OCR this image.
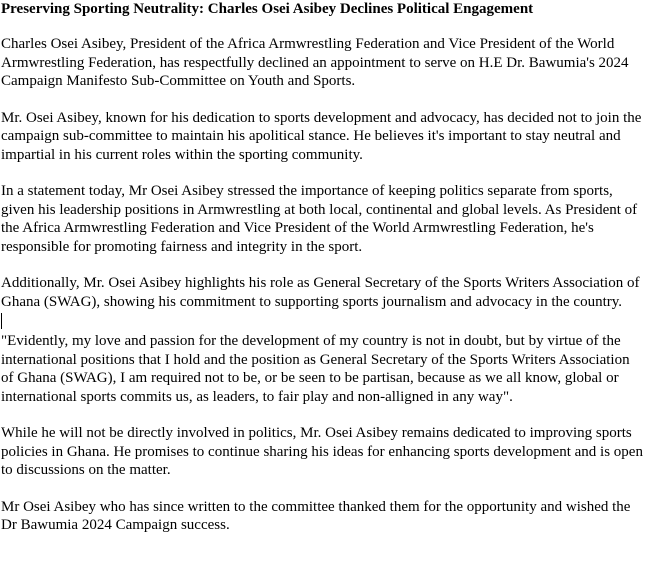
Preserving Sporting Neutrality: Charles Osei Asibey Declines Political Engagement

Charles Osei Asibey, President of the Africa Armwrestling Federation and Vice President of the World Armwrestling Federation, has respectfully declined an appointment to serve on H.E Dr. Bawumia's 2024 Campaign Manifesto Sub-Committee on Youth and Sports.

Mr. Osei Asibey, known for his dedication to sports development and advocacy, has decided not to join the campaign sub-committee to maintain his apolitical stance. He believes it's important to stay neutral and impartial in his current roles within the sporting community.

In a statement today, Mr Osei Asibey stressed the importance of keeping politics separate from sports, given his leadership positions in Armwrestling at both local, continental and global levels. As President of the Africa Armwrestling Federation and Vice President of the World Armwrestling Federation, he's responsible for promoting fairness and integrity in the sport.

Additionally, Mr. Osei Asibey highlights his role as General Secretary of the Sports Writers Association of Ghana (SWAG), showing his commitment to supporting sports journalism and advocacy in the country.

"Evidently, my love and passion for the development of my country is not in doubt, but by virtue of the international positions that I hold and the position as General Secretary of the Sports Writers Association of Ghana (SWAG), I am required not to be, or be seen to be partisan, because as we all know, global or international sports commits us, as leaders, to fair play and non-alligned in any way".

While he will not be directly involved in politics, Mr. Osei Asibey remains dedicated to improving sports policies in Ghana. He promises to continue sharing his ideas for enhancing sports development and is open to discussions on the matter.

Mr Osei Asibey who has since written to the committee thanked them for the opportunity and wished the Dr Bawumia 2024 Campaign success.
